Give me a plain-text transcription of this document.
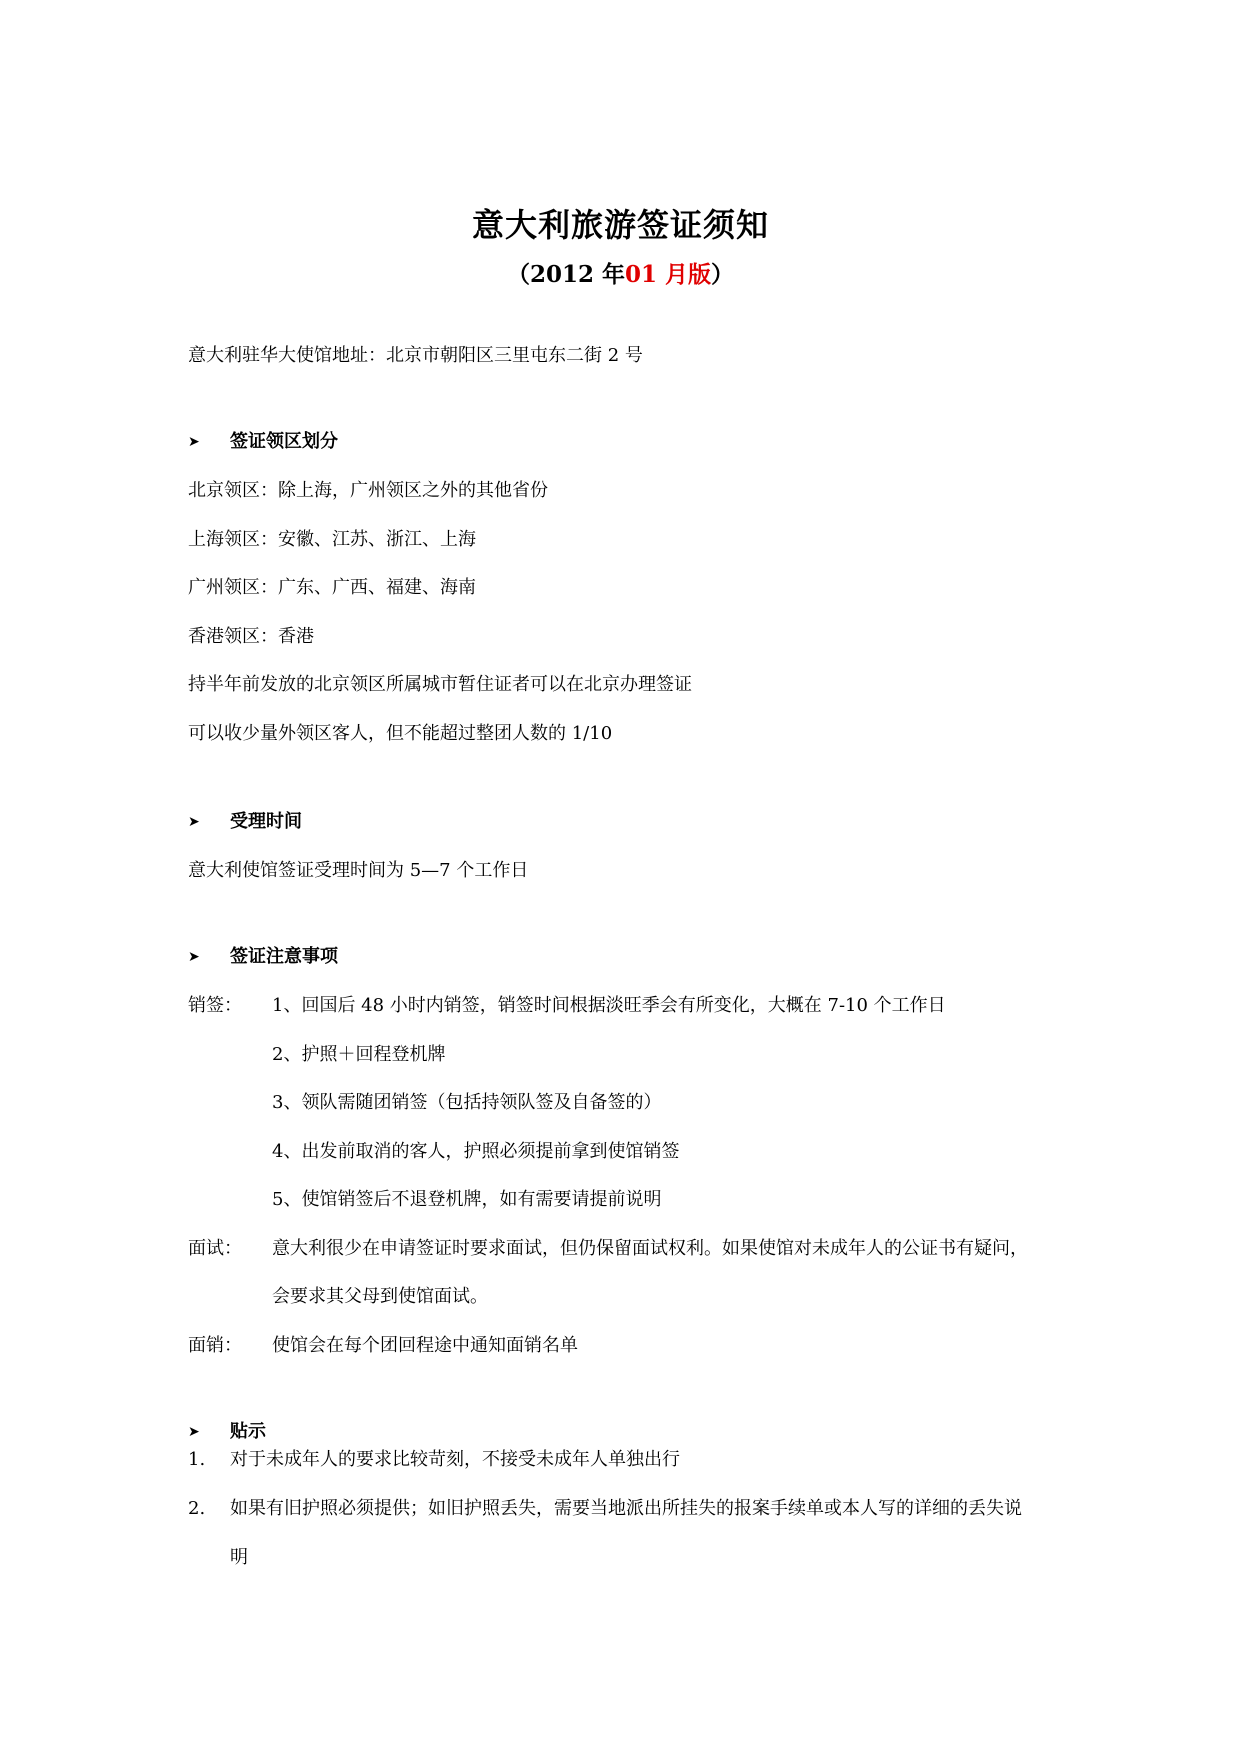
意大利旅游签证须知
（2012 年01 月版）
意大利驻华大使馆地址：北京市朝阳区三里屯东二街 2 号
➤ 签证领区划分
北京领区：除上海，广州领区之外的其他省份
上海领区：安徽、江苏、浙江、上海
广州领区：广东、广西、福建、海南
香港领区：香港
持半年前发放的北京领区所属城市暂住证者可以在北京办理签证
可以收少量外领区客人，但不能超过整团人数的 1/10
➤ 受理时间
意大利使馆签证受理时间为 5—7 个工作日
➤ 签证注意事项
销签： 1、回国后 48 小时内销签，销签时间根据淡旺季会有所变化，大概在 7-10 个工作日
2、护照＋回程登机牌
3、领队需随团销签（包括持领队签及自备签的）
4、出发前取消的客人，护照必须提前拿到使馆销签
5、使馆销签后不退登机牌，如有需要请提前说明
面试： 意大利很少在申请签证时要求面试，但仍保留面试权利。如果使馆对未成年人的公证书有疑问，
会要求其父母到使馆面试。
面销： 使馆会在每个团回程途中通知面销名单
➤ 贴示
1. 对于未成年人的要求比较苛刻，不接受未成年人单独出行
2. 如果有旧护照必须提供；如旧护照丢失，需要当地派出所挂失的报案手续单或本人写的详细的丢失说
明
